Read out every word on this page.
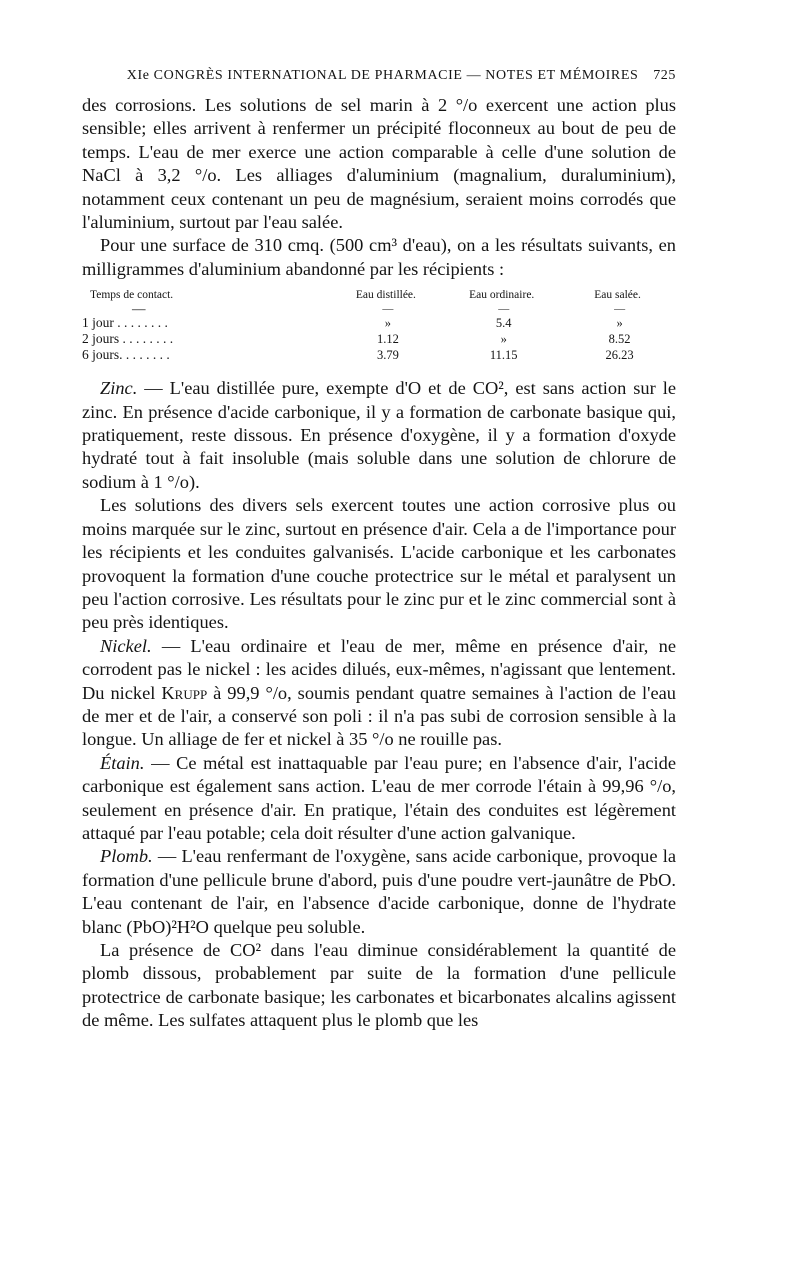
XIe CONGRÈS INTERNATIONAL DE PHARMACIE — NOTES ET MÉMOIRES	725

des corrosions. Les solutions de sel marin à 2 °/o exercent une action plus sensible; elles arrivent à renfermer un précipité floconneux au bout de peu de temps. L'eau de mer exerce une action comparable à celle d'une solution de NaCl à 3,2 °/o. Les alliages d'aluminium (magnalium, duraluminium), notamment ceux contenant un peu de magnésium, seraient moins corrodés que l'aluminium, surtout par l'eau salée.

Pour une surface de 310 cmq. (500 cm³ d'eau), on a les résultats suivants, en milligrammes d'aluminium abandonné par les récipients :

Temps de contact.	Eau distillée.	Eau ordinaire.	Eau salée.
—	—	—	—
1 jour . . . . . . . .	»	5.4	»
2 jours . . . . . . . .	1.12	»	8.52
6 jours. . . . . . . .	3.79	11.15	26.23

Zinc. — L'eau distillée pure, exempte d'O et de CO², est sans action sur le zinc. En présence d'acide carbonique, il y a formation de carbonate basique qui, pratiquement, reste dissous. En présence d'oxygène, il y a formation d'oxyde hydraté tout à fait insoluble (mais soluble dans une solution de chlorure de sodium à 1 °/o).

Les solutions des divers sels exercent toutes une action corrosive plus ou moins marquée sur le zinc, surtout en présence d'air. Cela a de l'importance pour les récipients et les conduites galvanisés. L'acide carbonique et les carbonates provoquent la formation d'une couche protectrice sur le métal et paralysent un peu l'action corrosive. Les résultats pour le zinc pur et le zinc commercial sont à peu près identiques.

Nickel. — L'eau ordinaire et l'eau de mer, même en présence d'air, ne corrodent pas le nickel : les acides dilués, eux-mêmes, n'agissant que lentement. Du nickel Krupp à 99,9 °/o, soumis pendant quatre semaines à l'action de l'eau de mer et de l'air, a conservé son poli : il n'a pas subi de corrosion sensible à la longue. Un alliage de fer et nickel à 35 °/o ne rouille pas.

Étain. — Ce métal est inattaquable par l'eau pure; en l'absence d'air, l'acide carbonique est également sans action. L'eau de mer corrode l'étain à 99,96 °/o, seulement en présence d'air. En pratique, l'étain des conduites est légèrement attaqué par l'eau potable; cela doit résulter d'une action galvanique.

Plomb. — L'eau renfermant de l'oxygène, sans acide carbonique, provoque la formation d'une pellicule brune d'abord, puis d'une poudre vert-jaunâtre de PbO. L'eau contenant de l'air, en l'absence d'acide carbonique, donne de l'hydrate blanc (PbO)²H²O quelque peu soluble.

La présence de CO² dans l'eau diminue considérablement la quantité de plomb dissous, probablement par suite de la formation d'une pellicule protectrice de carbonate basique; les carbonates et bicarbonates alcalins agissent de même. Les sulfates attaquent plus le plomb que les
